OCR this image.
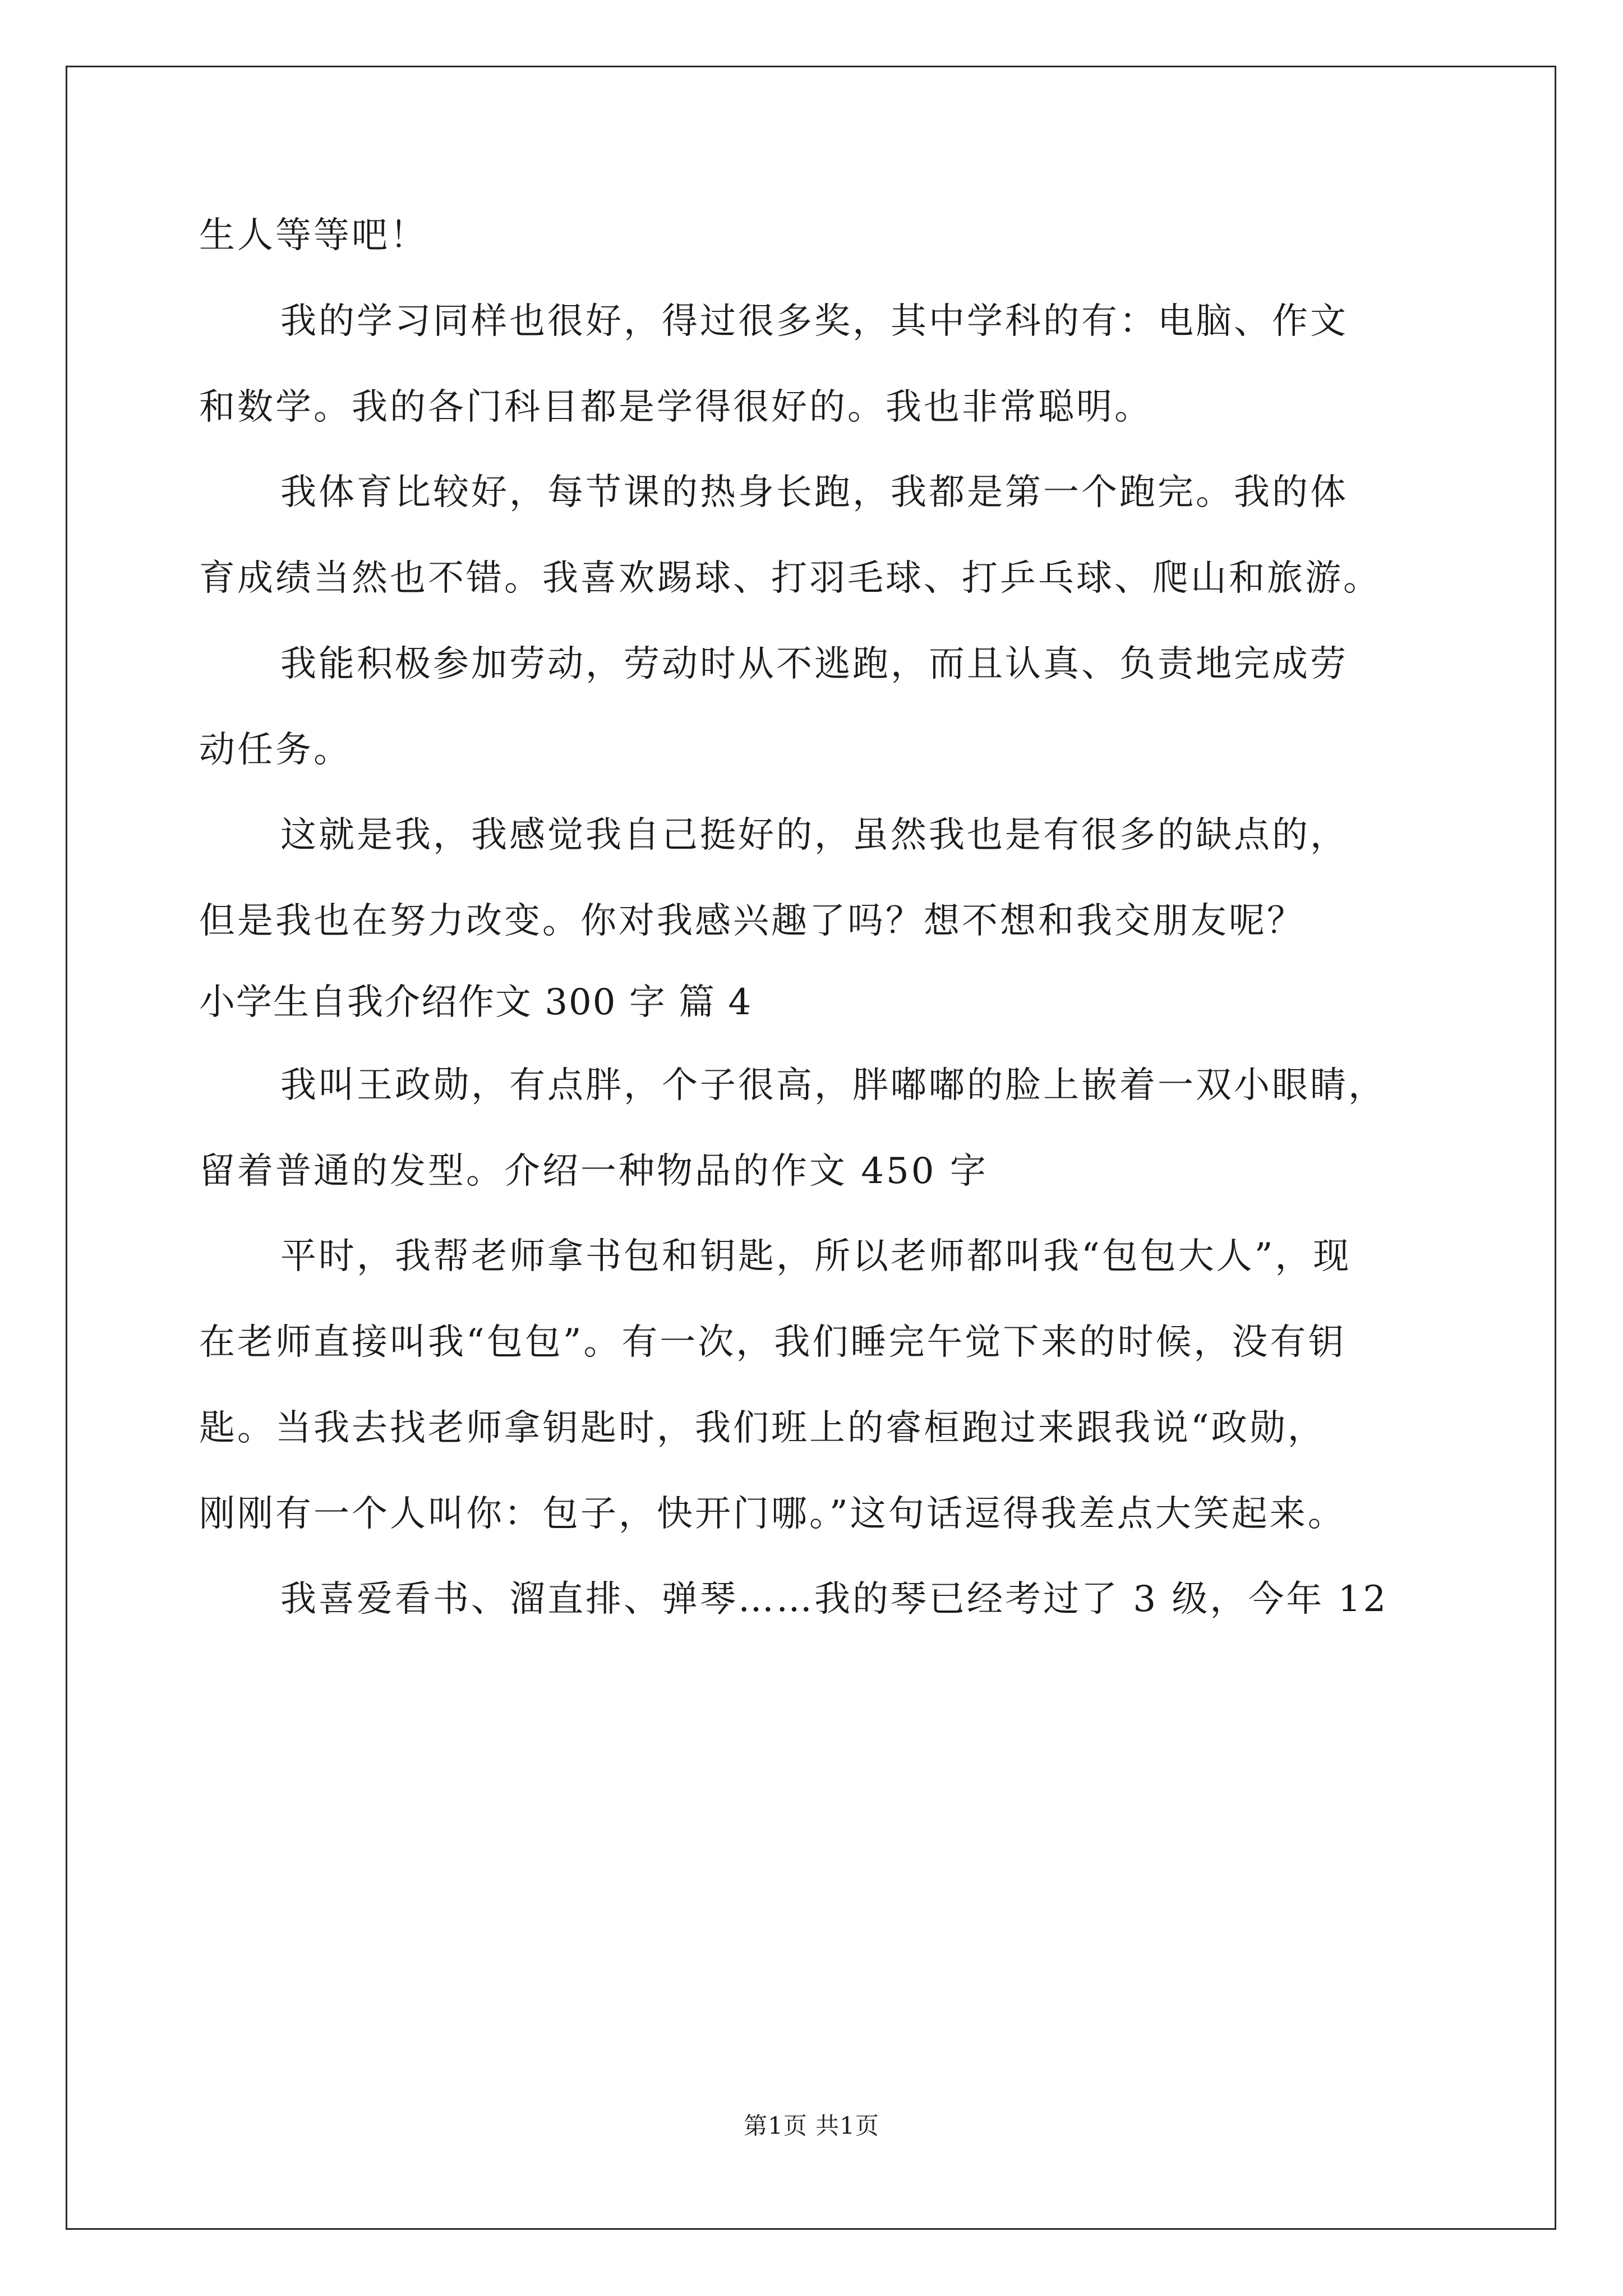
生人等等吧！
我的学习同样也很好，得过很多奖，其中学科的有：电脑、作文
和数学。我的各门科目都是学得很好的。我也非常聪明。
我体育比较好，每节课的热身长跑，我都是第一个跑完。我的体
育成绩当然也不错。我喜欢踢球、打羽毛球、打乒乓球、爬山和旅游。
我能积极参加劳动，劳动时从不逃跑，而且认真、负责地完成劳
动任务。
这就是我，我感觉我自己挺好的，虽然我也是有很多的缺点的，
但是我也在努力改变。你对我感兴趣了吗？想不想和我交朋友呢？
小学生自我介绍作文 300 字 篇 4
我叫王政勋，有点胖，个子很高，胖嘟嘟的脸上嵌着一双小眼睛，
留着普通的发型。介绍一种物品的作文 450 字
平时，我帮老师拿书包和钥匙，所以老师都叫我“包包大人”，现
在老师直接叫我“包包”。有一次，我们睡完午觉下来的时候，没有钥
匙。当我去找老师拿钥匙时，我们班上的睿桓跑过来跟我说“政勋，
刚刚有一个人叫你：包子，快开门哪。”这句话逗得我差点大笑起来。
我喜爱看书、溜直排、弹琴……我的琴已经考过了 3 级，今年 12
第1页 共1页
